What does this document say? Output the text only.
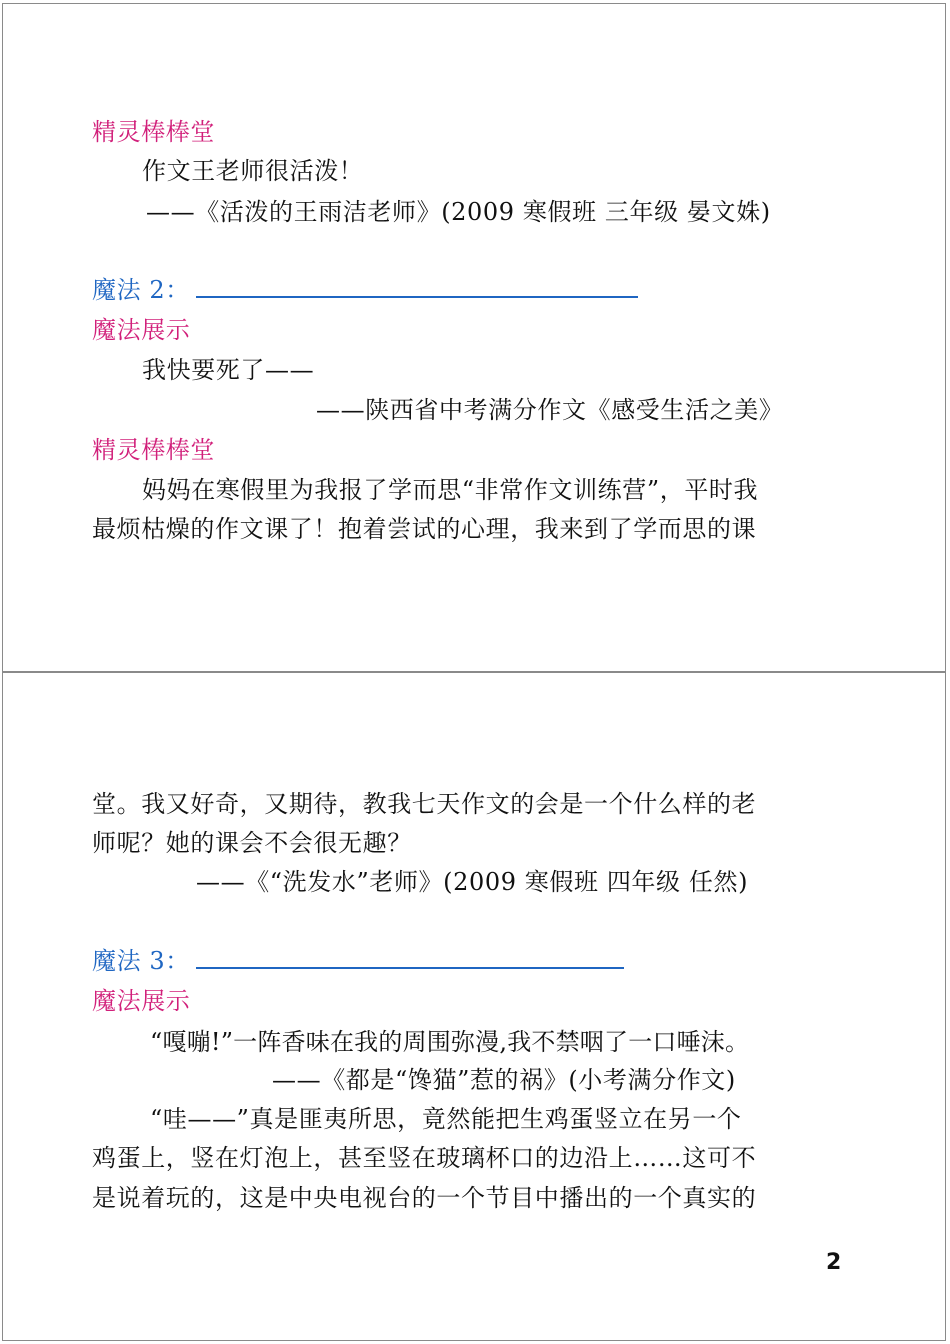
精灵棒棒堂
作文王老师很活泼！
——《活泼的王雨洁老师》(2009 寒假班 三年级 晏文姝)
魔法 2：
魔法展示
我快要死了——
——陕西省中考满分作文《感受生活之美》
精灵棒棒堂
妈妈在寒假里为我报了学而思“非常作文训练营”，平时我
最烦枯燥的作文课了！抱着尝试的心理，我来到了学而思的课
堂。我又好奇，又期待，教我七天作文的会是一个什么样的老
师呢？她的课会不会很无趣？
——《“洗发水”老师》(2009 寒假班 四年级 任然)
魔法 3：
魔法展示
“嘎嘣!”一阵香味在我的周围弥漫,我不禁咽了一口唾沫。
——《都是“馋猫”惹的祸》(小考满分作文)
“哇——”真是匪夷所思，竟然能把生鸡蛋竖立在另一个
鸡蛋上，竖在灯泡上，甚至竖在玻璃杯口的边沿上……这可不
是说着玩的，这是中央电视台的一个节目中播出的一个真实的
2
